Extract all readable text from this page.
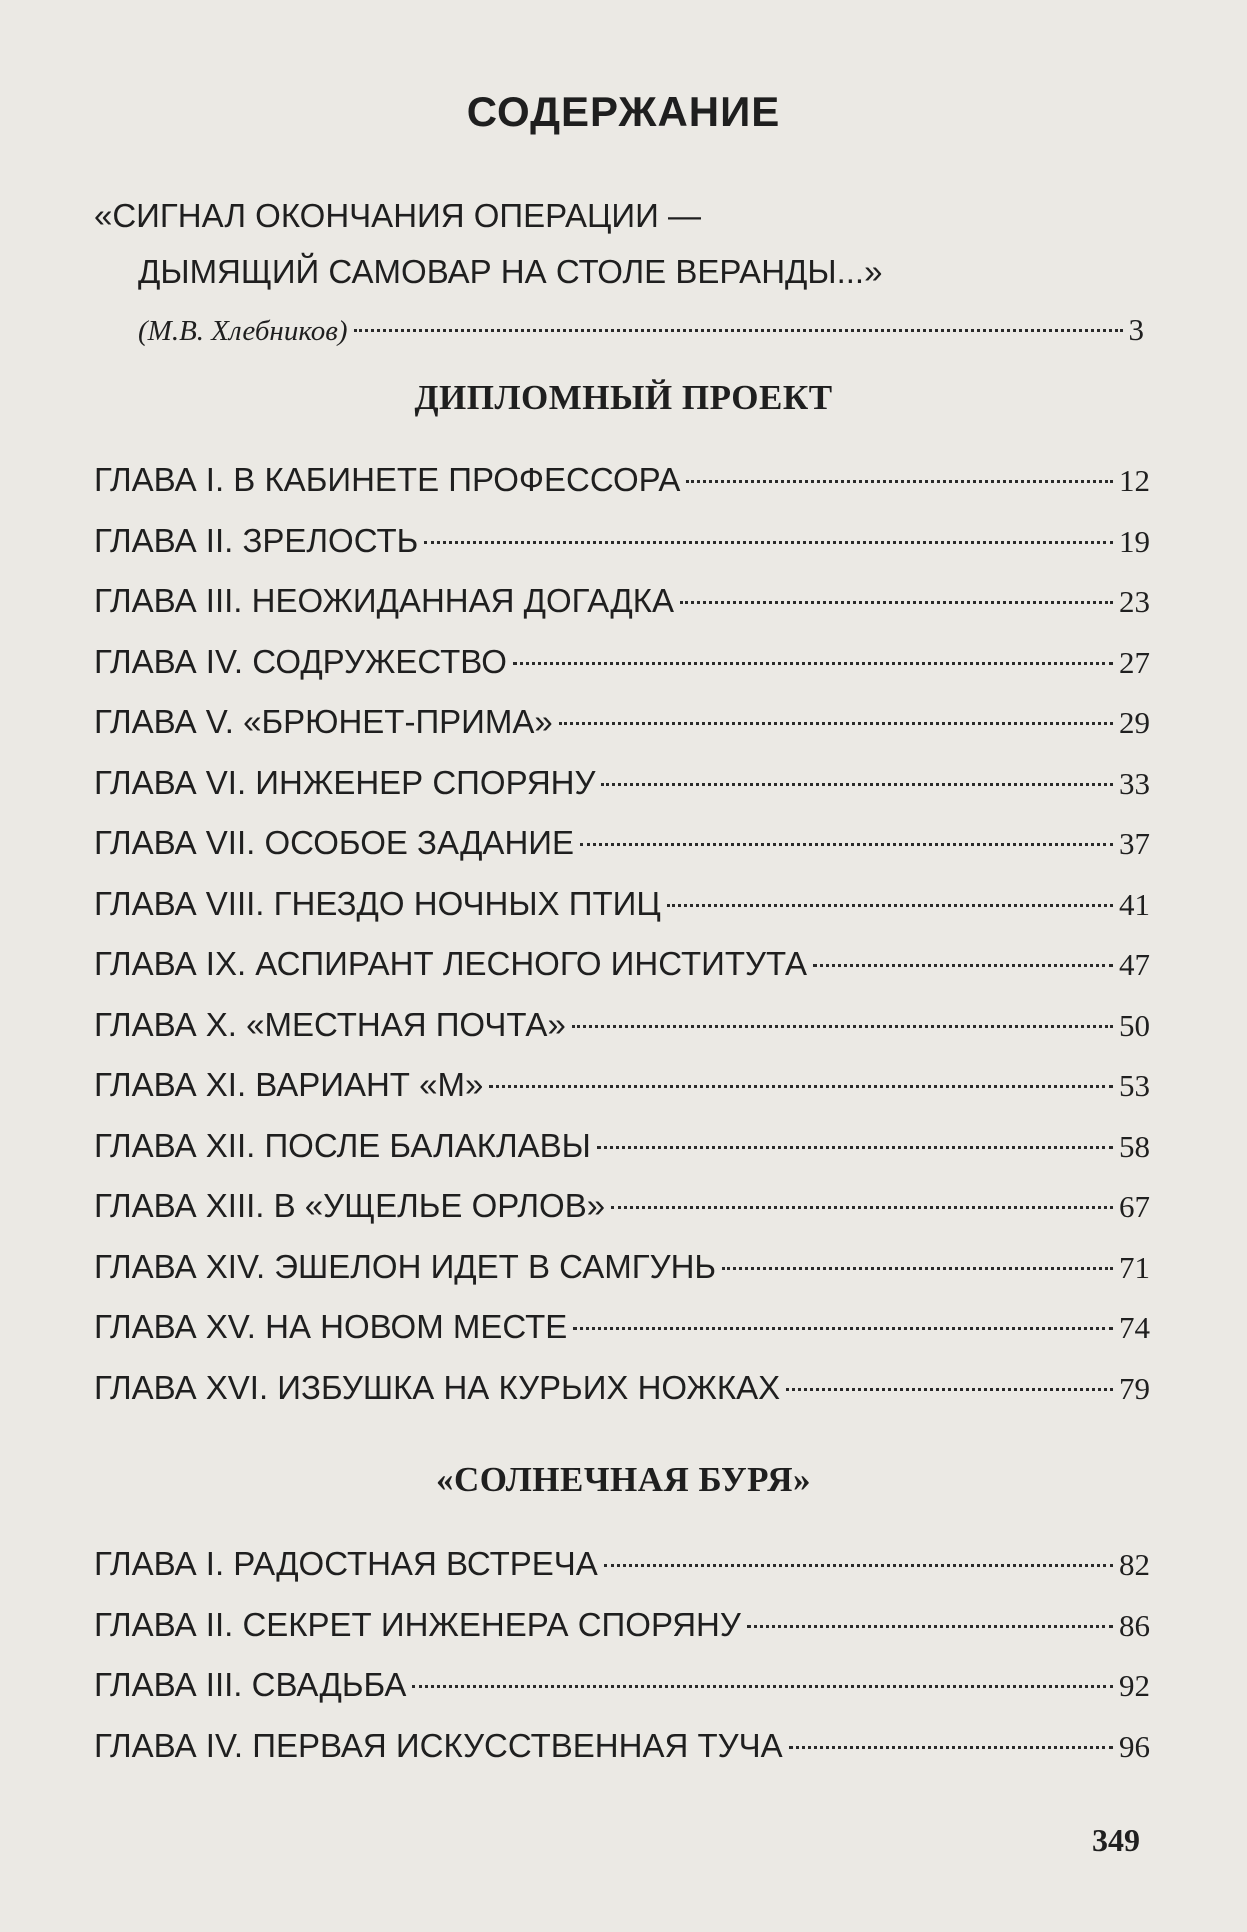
СОДЕРЖАНИЕ
«СИГНАЛ ОКОНЧАНИЯ ОПЕРАЦИИ —
ДЫМЯЩИЙ САМОВАР НА СТОЛЕ ВЕРАНДЫ...»
(М.В. Хлебников)	3
ДИПЛОМНЫЙ ПРОЕКТ
ГЛАВА I. В КАБИНЕТЕ ПРОФЕССОРА	12
ГЛАВА II. ЗРЕЛОСТЬ	19
ГЛАВА III. НЕОЖИДАННАЯ ДОГАДКА	23
ГЛАВА IV. СОДРУЖЕСТВО	27
ГЛАВА V. «БРЮНЕТ-ПРИМА»	29
ГЛАВА VI. ИНЖЕНЕР СПОРЯНУ	33
ГЛАВА VII. ОСОБОЕ ЗАДАНИЕ	37
ГЛАВА VIII. ГНЕЗДО НОЧНЫХ ПТИЦ	41
ГЛАВА IX. АСПИРАНТ ЛЕСНОГО ИНСТИТУТА	47
ГЛАВА X. «МЕСТНАЯ ПОЧТА»	50
ГЛАВА XI. ВАРИАНТ «М»	53
ГЛАВА XII. ПОСЛЕ БАЛАКЛАВЫ	58
ГЛАВА XIII. В «УЩЕЛЬЕ ОРЛОВ»	67
ГЛАВА XIV. ЭШЕЛОН ИДЕТ В САМГУНЬ	71
ГЛАВА XV. НА НОВОМ МЕСТЕ	74
ГЛАВА XVI. ИЗБУШКА НА КУРЬИХ НОЖКАХ	79
«СОЛНЕЧНАЯ БУРЯ»
ГЛАВА I. РАДОСТНАЯ ВСТРЕЧА	82
ГЛАВА II. СЕКРЕТ ИНЖЕНЕРА СПОРЯНУ	86
ГЛАВА III. СВАДЬБА	92
ГЛАВА IV. ПЕРВАЯ ИСКУССТВЕННАЯ ТУЧА	96
349
